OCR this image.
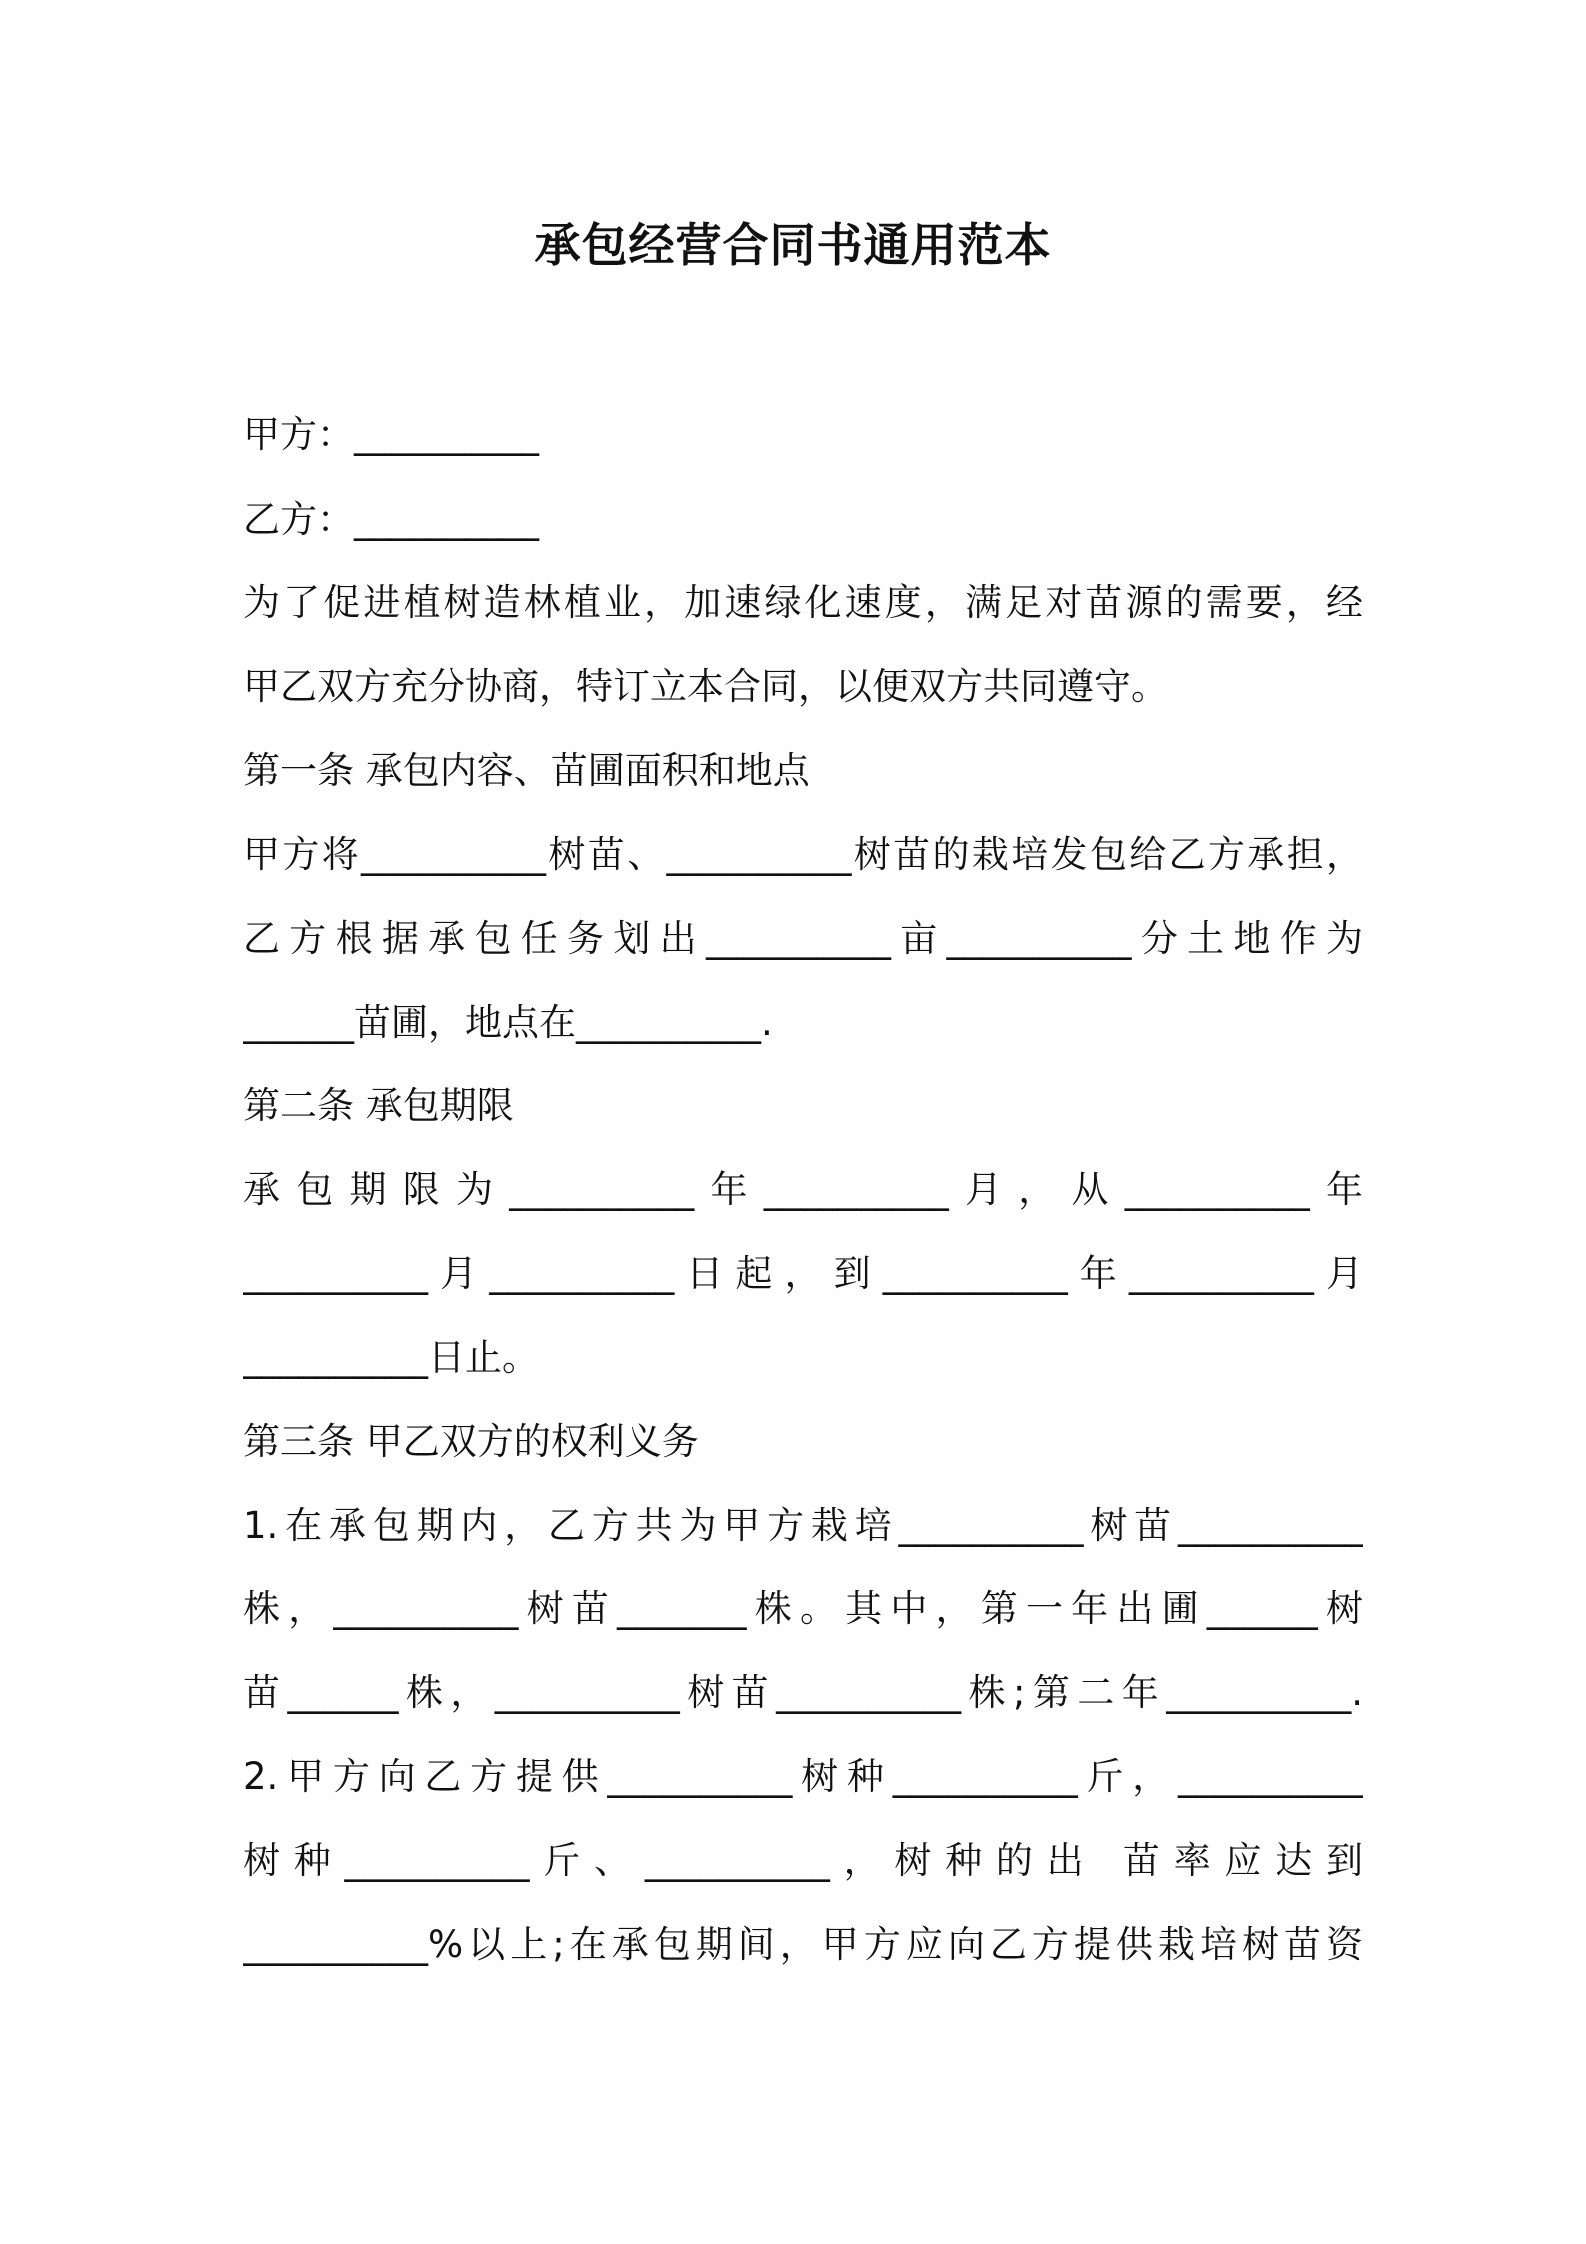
承包经营合同书通用范本
甲方：__________
乙方：__________
为了促进植树造林植业，加速绿化速度，满足对苗源的需要，经
甲乙双方充分协商，特订立本合同，以便双方共同遵守。
第一条 承包内容、苗圃面积和地点
甲方将__________树苗、__________树苗的栽培发包给乙方承担，
乙方根据承包任务划出__________亩__________分土地作为
______苗圃，地点在__________.
第二条 承包期限
承包期限为__________年__________月，从__________年
__________月__________日起，到__________年__________月
__________日止。
第三条 甲乙双方的权利义务
1.在承包期内，乙方共为甲方栽培__________树苗__________
株，__________树苗_______株。其中，第一年出圃______树
苗______株，__________树苗__________株;第二年__________.
2.甲方向乙方提供__________树种__________斤，__________
树种__________斤、__________，树种的出 苗率应达到
__________%以上;在承包期间，甲方应向乙方提供栽培树苗资
